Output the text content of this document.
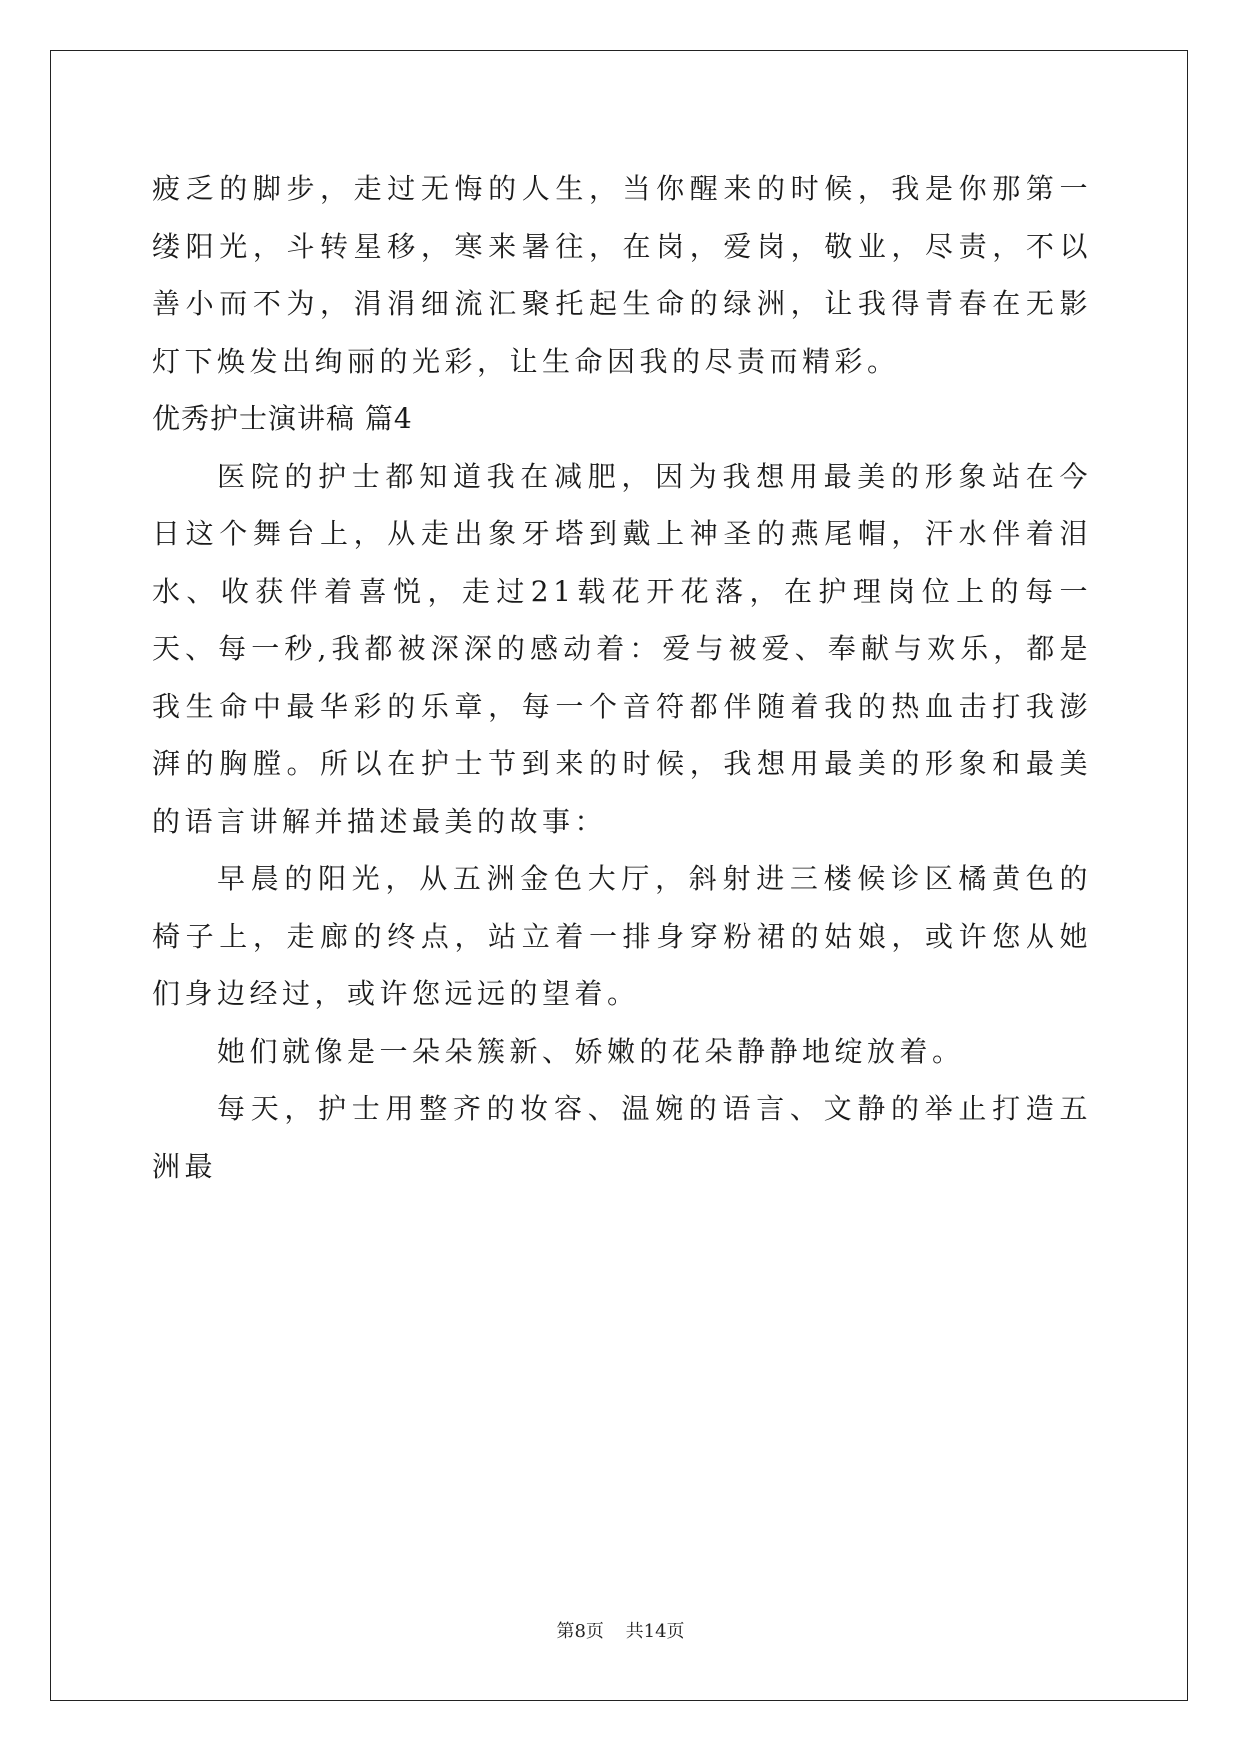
疲乏的脚步，走过无悔的人生，当你醒来的时候，我是你那第一缕阳光，斗转星移，寒来暑往，在岗，爱岗，敬业，尽责，不以善小而不为，涓涓细流汇聚托起生命的绿洲，让我得青春在无影灯下焕发出绚丽的光彩，让生命因我的尽责而精彩。

优秀护士演讲稿 篇4

医院的护士都知道我在减肥，因为我想用最美的形象站在今日这个舞台上，从走出象牙塔到戴上神圣的燕尾帽，汗水伴着泪水、收获伴着喜悦，走过21载花开花落，在护理岗位上的每一天、每一秒,我都被深深的感动着：爱与被爱、奉献与欢乐，都是我生命中最华彩的乐章，每一个音符都伴随着我的热血击打我澎湃的胸膛。所以在护士节到来的时候，我想用最美的形象和最美的语言讲解并描述最美的故事：

早晨的阳光，从五洲金色大厅，斜射进三楼候诊区橘黄色的椅子上，走廊的终点，站立着一排身穿粉裙的姑娘，或许您从她们身边经过，或许您远远的望着。

她们就像是一朵朵簇新、娇嫩的花朵静静地绽放着。

每天，护士用整齐的妆容、温婉的语言、文静的举止打造五洲最

第8页 共14页
